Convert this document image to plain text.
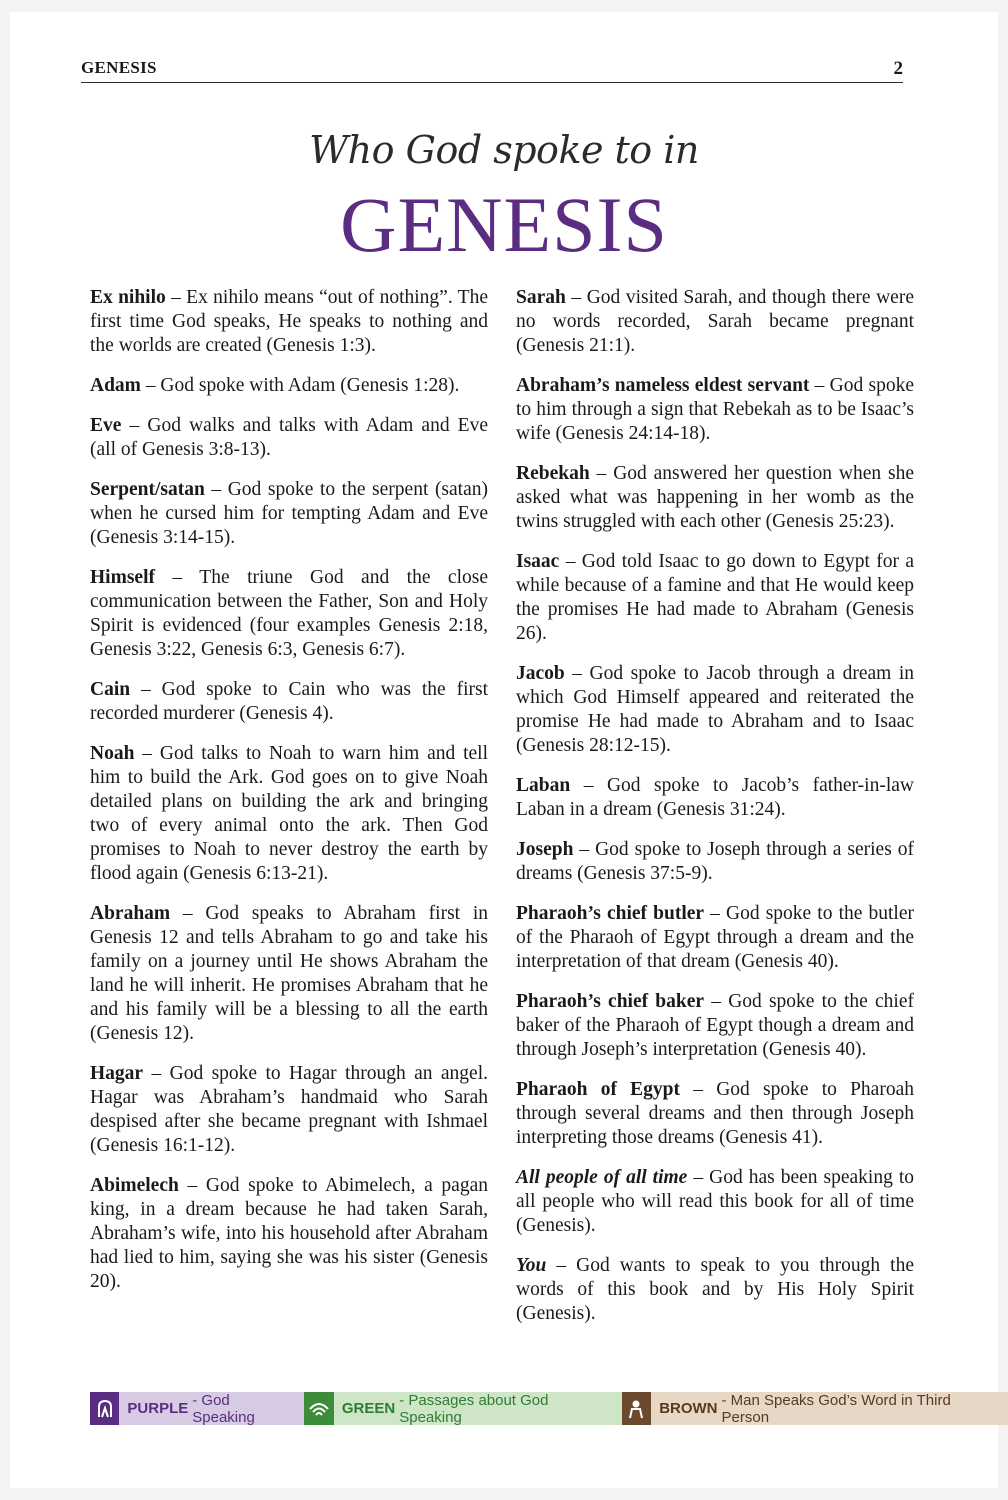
GENESIS	2
Who God spoke to in
GENESIS

Ex nihilo – Ex nihilo means “out of nothing”. The first time God speaks, He speaks to nothing and the worlds are created (Genesis 1:3).

Adam – God spoke with Adam (Genesis 1:28).

Eve – God walks and talks with Adam and Eve (all of Genesis 3:8-13).

Serpent/satan – God spoke to the serpent (satan) when he cursed him for tempting Adam and Eve (Genesis 3:14-15).

Himself – The triune God and the close communication between the Father, Son and Holy Spirit is evidenced (four examples Genesis 2:18, Genesis 3:22, Genesis 6:3, Genesis 6:7).

Cain – God spoke to Cain who was the first recorded murderer (Genesis 4).

Noah – God talks to Noah to warn him and tell him to build the Ark. God goes on to give Noah detailed plans on building the ark and bringing two of every animal onto the ark. Then God promises to Noah to never destroy the earth by flood again (Genesis 6:13-21).

Abraham – God speaks to Abraham first in Genesis 12 and tells Abraham to go and take his family on a journey until He shows Abraham the land he will inherit. He promises Abraham that he and his family will be a blessing to all the earth (Genesis 12).

Hagar – God spoke to Hagar through an angel. Hagar was Abraham’s handmaid who Sarah despised after she became pregnant with Ishmael (Genesis 16:1-12).

Abimelech – God spoke to Abimelech, a pagan king, in a dream because he had taken Sarah, Abraham’s wife, into his household after Abraham had lied to him, saying she was his sister (Genesis 20).

Sarah – God visited Sarah, and though there were no words recorded, Sarah became pregnant (Genesis 21:1).

Abraham’s nameless eldest servant – God spoke to him through a sign that Rebekah as to be Isaac’s wife (Genesis 24:14-18).

Rebekah – God answered her question when she asked what was happening in her womb as the twins struggled with each other (Genesis 25:23).

Isaac – God told Isaac to go down to Egypt for a while because of a famine and that He would keep the promises He had made to Abraham (Genesis 26).

Jacob – God spoke to Jacob through a dream in which God Himself appeared and reiterated the promise He had made to Abraham and to Isaac (Genesis 28:12-15).

Laban – God spoke to Jacob’s father-in-law Laban in a dream (Genesis 31:24).

Joseph – God spoke to Joseph through a series of dreams (Genesis 37:5-9).

Pharaoh’s chief butler – God spoke to the butler of the Pharaoh of Egypt through a dream and the interpretation of that dream (Genesis 40).

Pharaoh’s chief baker – God spoke to the chief baker of the Pharaoh of Egypt though a dream and through Joseph’s interpretation (Genesis 40).

Pharaoh of Egypt – God spoke to Pharoah through several dreams and then through Joseph interpreting those dreams (Genesis 41).

All people of all time – God has been speaking to all people who will read this book for all of time (Genesis).

You – God wants to speak to you through the words of this book and by His Holy Spirit (Genesis).

PURPLE - God Speaking	GREEN - Passages about God Speaking	BROWN - Man Speaks God’s Word in Third Person
